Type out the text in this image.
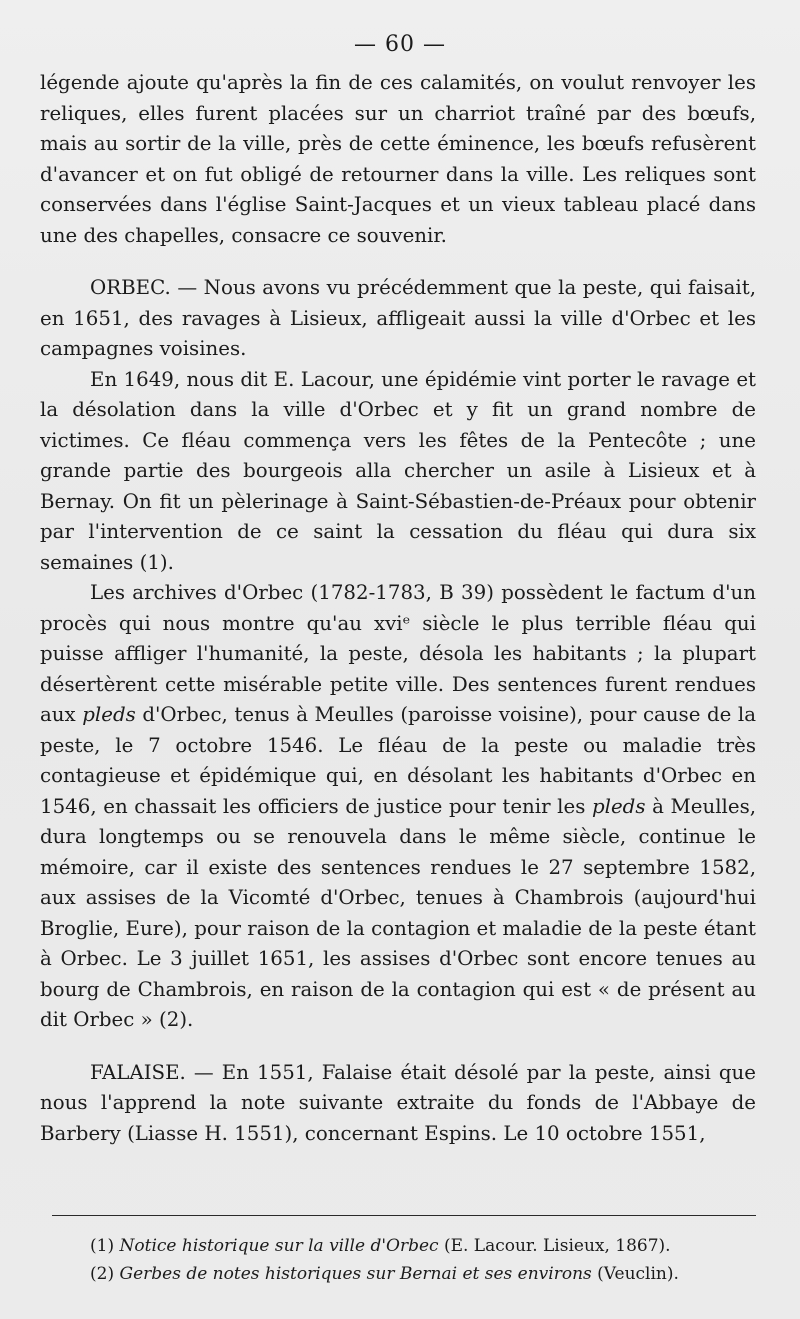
— 60 —

légende ajoute qu'après la fin de ces calamités, on voulut renvoyer les reliques, elles furent placées sur un charriot traîné par des bœufs, mais au sortir de la ville, près de cette éminence, les bœufs refusèrent d'avancer et on fut obligé de retourner dans la ville. Les reliques sont conservées dans l'église Saint-Jacques et un vieux tableau placé dans une des chapelles, consacre ce souvenir.

ORBEC. — Nous avons vu précédemment que la peste, qui faisait, en 1651, des ravages à Lisieux, affligeait aussi la ville d'Orbec et les campagnes voisines.

En 1649, nous dit E. Lacour, une épidémie vint porter le ravage et la désolation dans la ville d'Orbec et y fit un grand nombre de victimes. Ce fléau commença vers les fêtes de la Pentecôte ; une grande partie des bourgeois alla chercher un asile à Lisieux et à Bernay. On fit un pèlerinage à Saint-Sébastien-de-Préaux pour obtenir par l'intervention de ce saint la cessation du fléau qui dura six semaines (1).

Les archives d'Orbec (1782-1783, B 39) possèdent le factum d'un procès qui nous montre qu'au xviᵉ siècle le plus terrible fléau qui puisse affliger l'humanité, la peste, désola les habitants ; la plupart désertèrent cette misérable petite ville. Des sentences furent rendues aux pleds d'Orbec, tenus à Meulles (paroisse voisine), pour cause de la peste, le 7 octobre 1546. Le fléau de la peste ou maladie très contagieuse et épidémique qui, en désolant les habitants d'Orbec en 1546, en chassait les officiers de justice pour tenir les pleds à Meulles, dura longtemps ou se renouvela dans le même siècle, continue le mémoire, car il existe des sentences rendues le 27 septembre 1582, aux assises de la Vicomté d'Orbec, tenues à Chambrois (aujourd'hui Broglie, Eure), pour raison de la contagion et maladie de la peste étant à Orbec. Le 3 juillet 1651, les assises d'Orbec sont encore tenues au bourg de Chambrois, en raison de la contagion qui est « de présent au dit Orbec » (2).

FALAISE. — En 1551, Falaise était désolé par la peste, ainsi que nous l'apprend la note suivante extraite du fonds de l'Abbaye de Barbery (Liasse H. 1551), concernant Espins. Le 10 octobre 1551,

(1) Notice historique sur la ville d'Orbec (E. Lacour. Lisieux, 1867).

(2) Gerbes de notes historiques sur Bernai et ses environs (Veuclin).
